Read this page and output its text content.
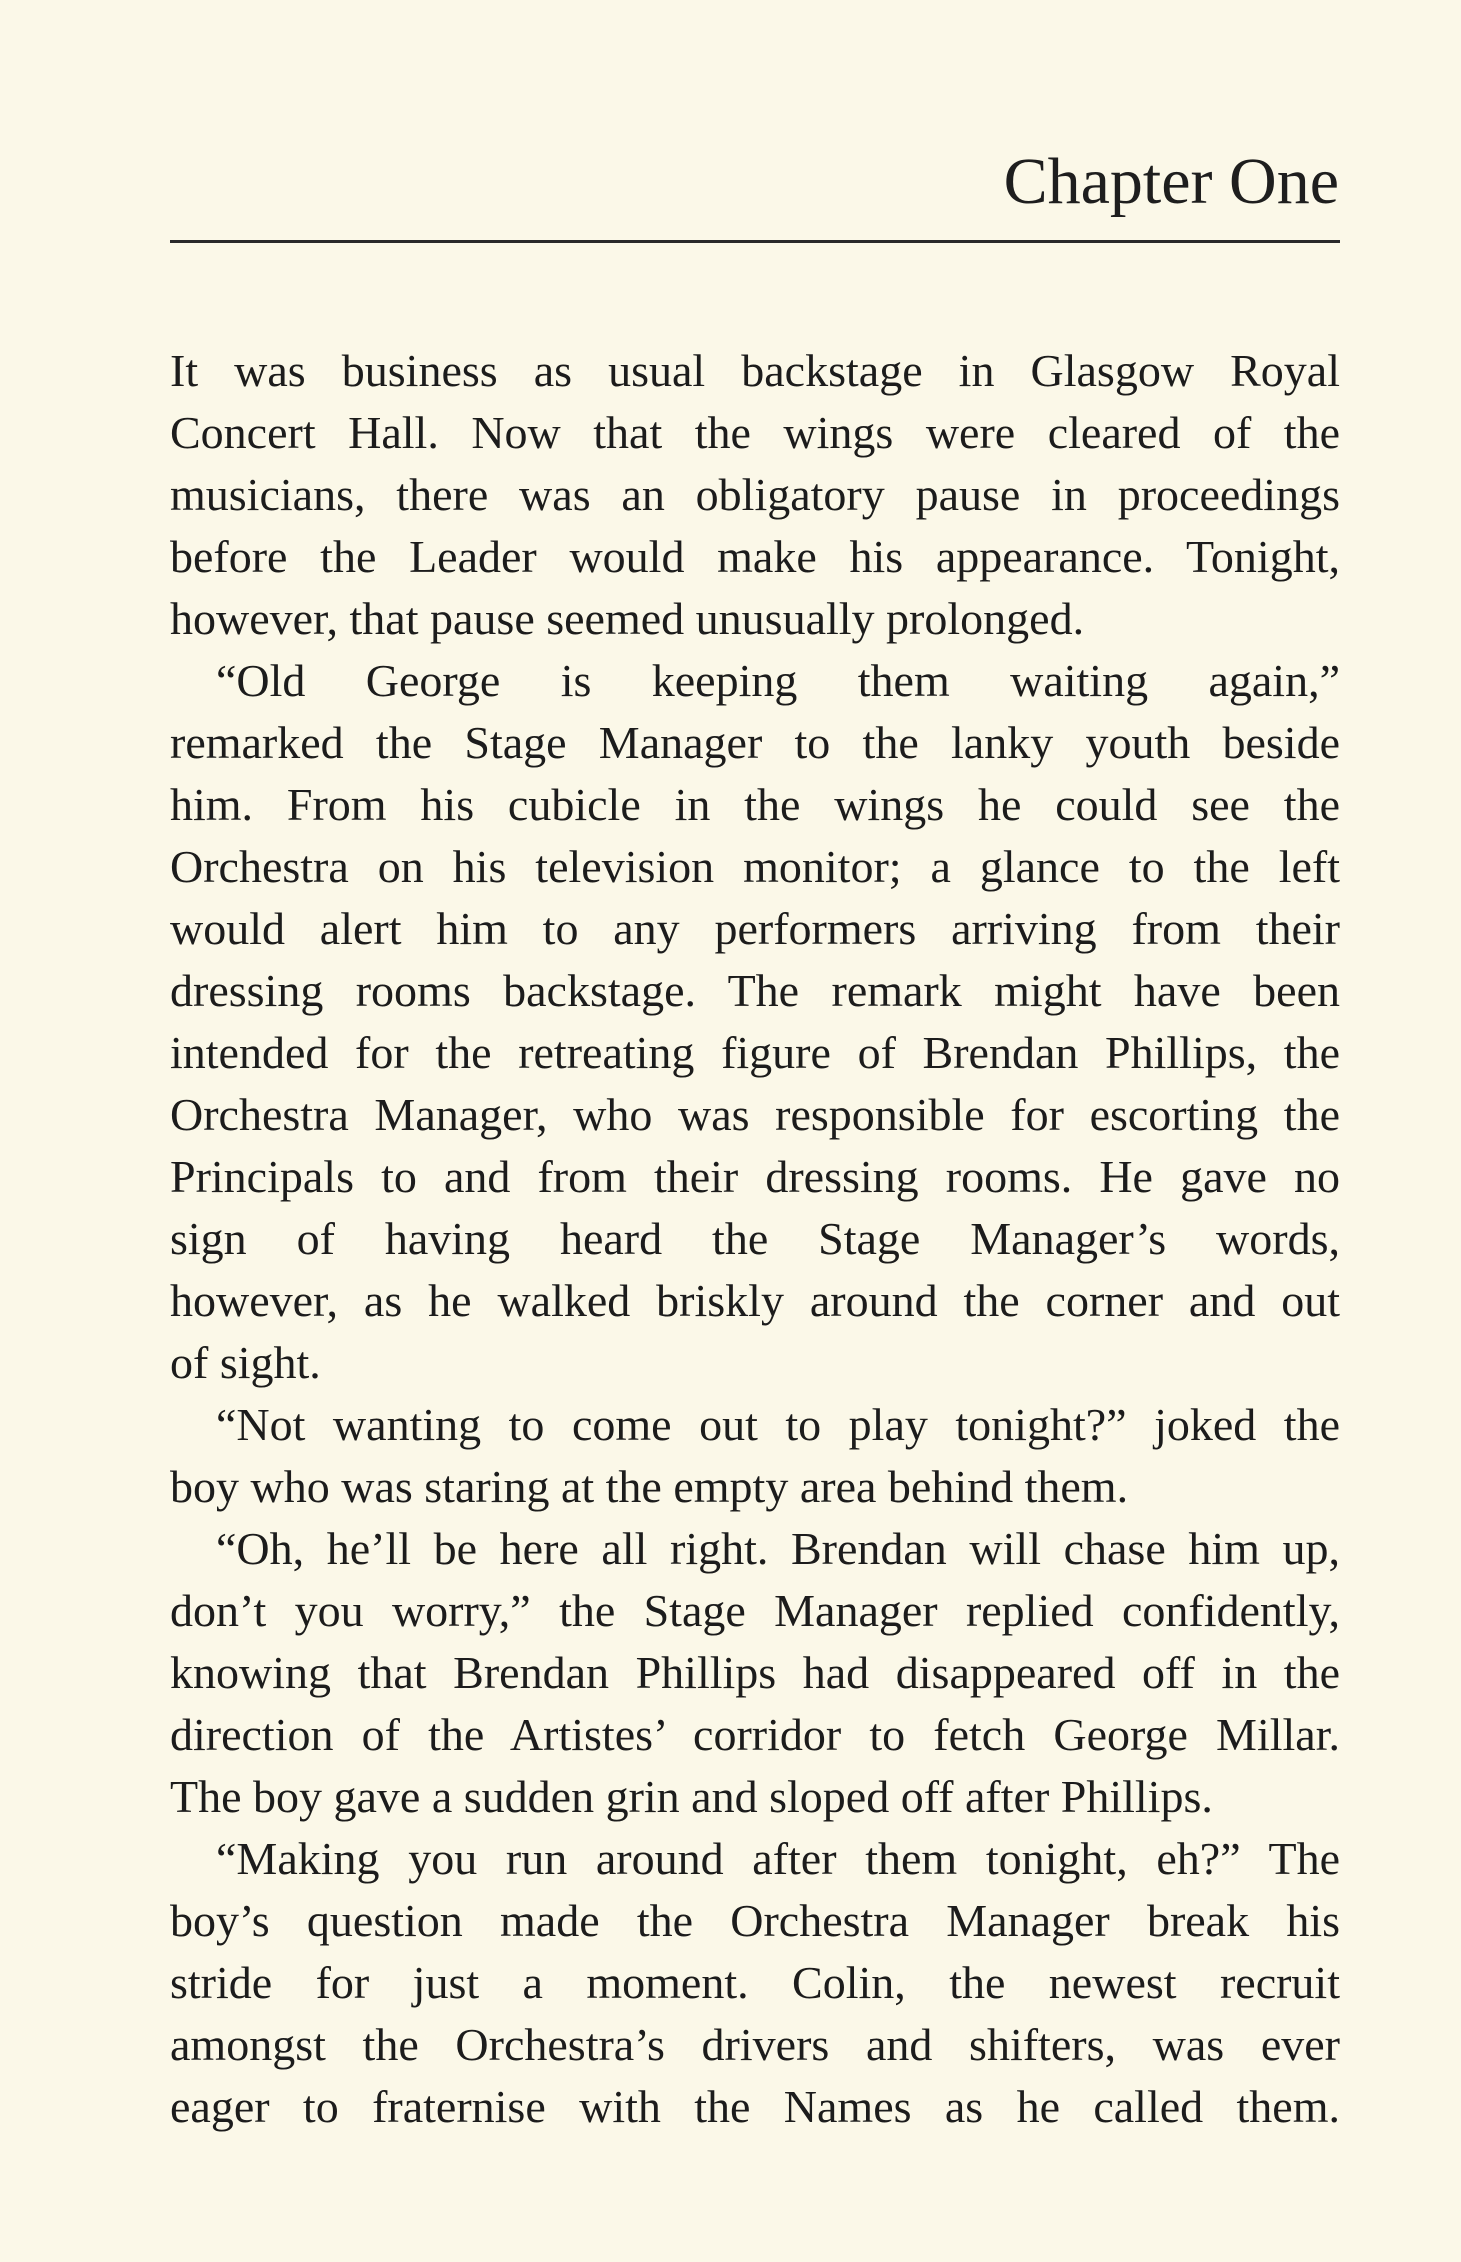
Chapter One
It was business as usual backstage in Glasgow Royal
Concert Hall. Now that the wings were cleared of the
musicians, there was an obligatory pause in proceedings
before the Leader would make his appearance. Tonight,
however, that pause seemed unusually prolonged.
“Old George is keeping them waiting again,”
remarked the Stage Manager to the lanky youth beside
him. From his cubicle in the wings he could see the
Orchestra on his television monitor; a glance to the left
would alert him to any performers arriving from their
dressing rooms backstage. The remark might have been
intended for the retreating figure of Brendan Phillips, the
Orchestra Manager, who was responsible for escorting the
Principals to and from their dressing rooms. He gave no
sign of having heard the Stage Manager’s words,
however, as he walked briskly around the corner and out
of sight.
“Not wanting to come out to play tonight?” joked the
boy who was staring at the empty area behind them.
“Oh, he’ll be here all right. Brendan will chase him up,
don’t you worry,” the Stage Manager replied confidently,
knowing that Brendan Phillips had disappeared off in the
direction of the Artistes’ corridor to fetch George Millar.
The boy gave a sudden grin and sloped off after Phillips.
“Making you run around after them tonight, eh?” The
boy’s question made the Orchestra Manager break his
stride for just a moment. Colin, the newest recruit
amongst the Orchestra’s drivers and shifters, was ever
eager to fraternise with the Names as he called them.
